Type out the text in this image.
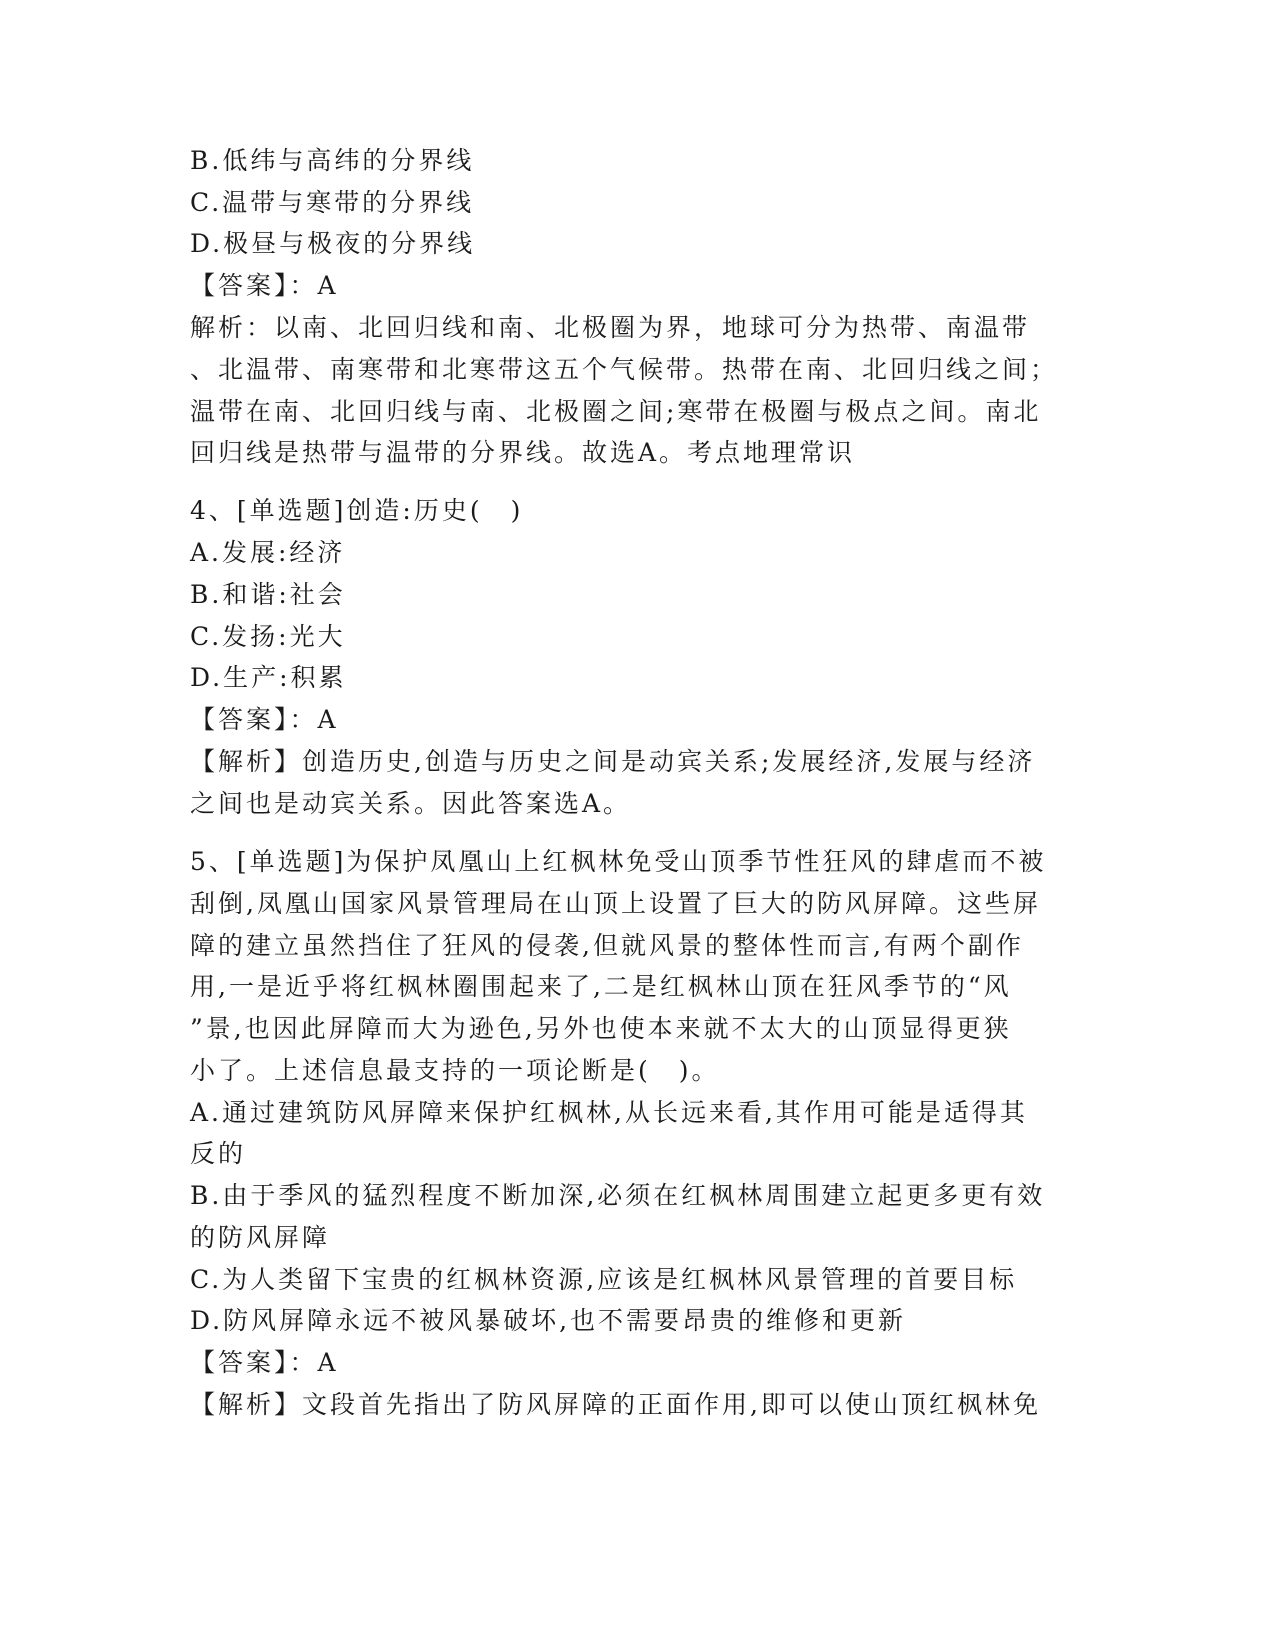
B.低纬与高纬的分界线
C.温带与寒带的分界线
D.极昼与极夜的分界线
【答案】：A
解析：以南、北回归线和南、北极圈为界，地球可分为热带、南温带
、北温带、南寒带和北寒带这五个气候带。热带在南、北回归线之间；
温带在南、北回归线与南、北极圈之间;寒带在极圈与极点之间。南北
回归线是热带与温带的分界线。故选A。考点地理常识
4、[单选题]创造:历史(　)
A.发展:经济
B.和谐:社会
C.发扬:光大
D.生产:积累
【答案】：A
【解析】创造历史,创造与历史之间是动宾关系;发展经济,发展与经济
之间也是动宾关系。因此答案选A。
5、[单选题]为保护凤凰山上红枫林免受山顶季节性狂风的肆虐而不被
刮倒,凤凰山国家风景管理局在山顶上设置了巨大的防风屏障。这些屏
障的建立虽然挡住了狂风的侵袭,但就风景的整体性而言,有两个副作
用,一是近乎将红枫林圈围起来了,二是红枫林山顶在狂风季节的“风
”景,也因此屏障而大为逊色,另外也使本来就不太大的山顶显得更狭
小了。上述信息最支持的一项论断是(　)。
A.通过建筑防风屏障来保护红枫林,从长远来看,其作用可能是适得其
反的
B.由于季风的猛烈程度不断加深,必须在红枫林周围建立起更多更有效
的防风屏障
C.为人类留下宝贵的红枫林资源,应该是红枫林风景管理的首要目标
D.防风屏障永远不被风暴破坏,也不需要昂贵的维修和更新
【答案】：A
【解析】文段首先指出了防风屏障的正面作用,即可以使山顶红枫林免
